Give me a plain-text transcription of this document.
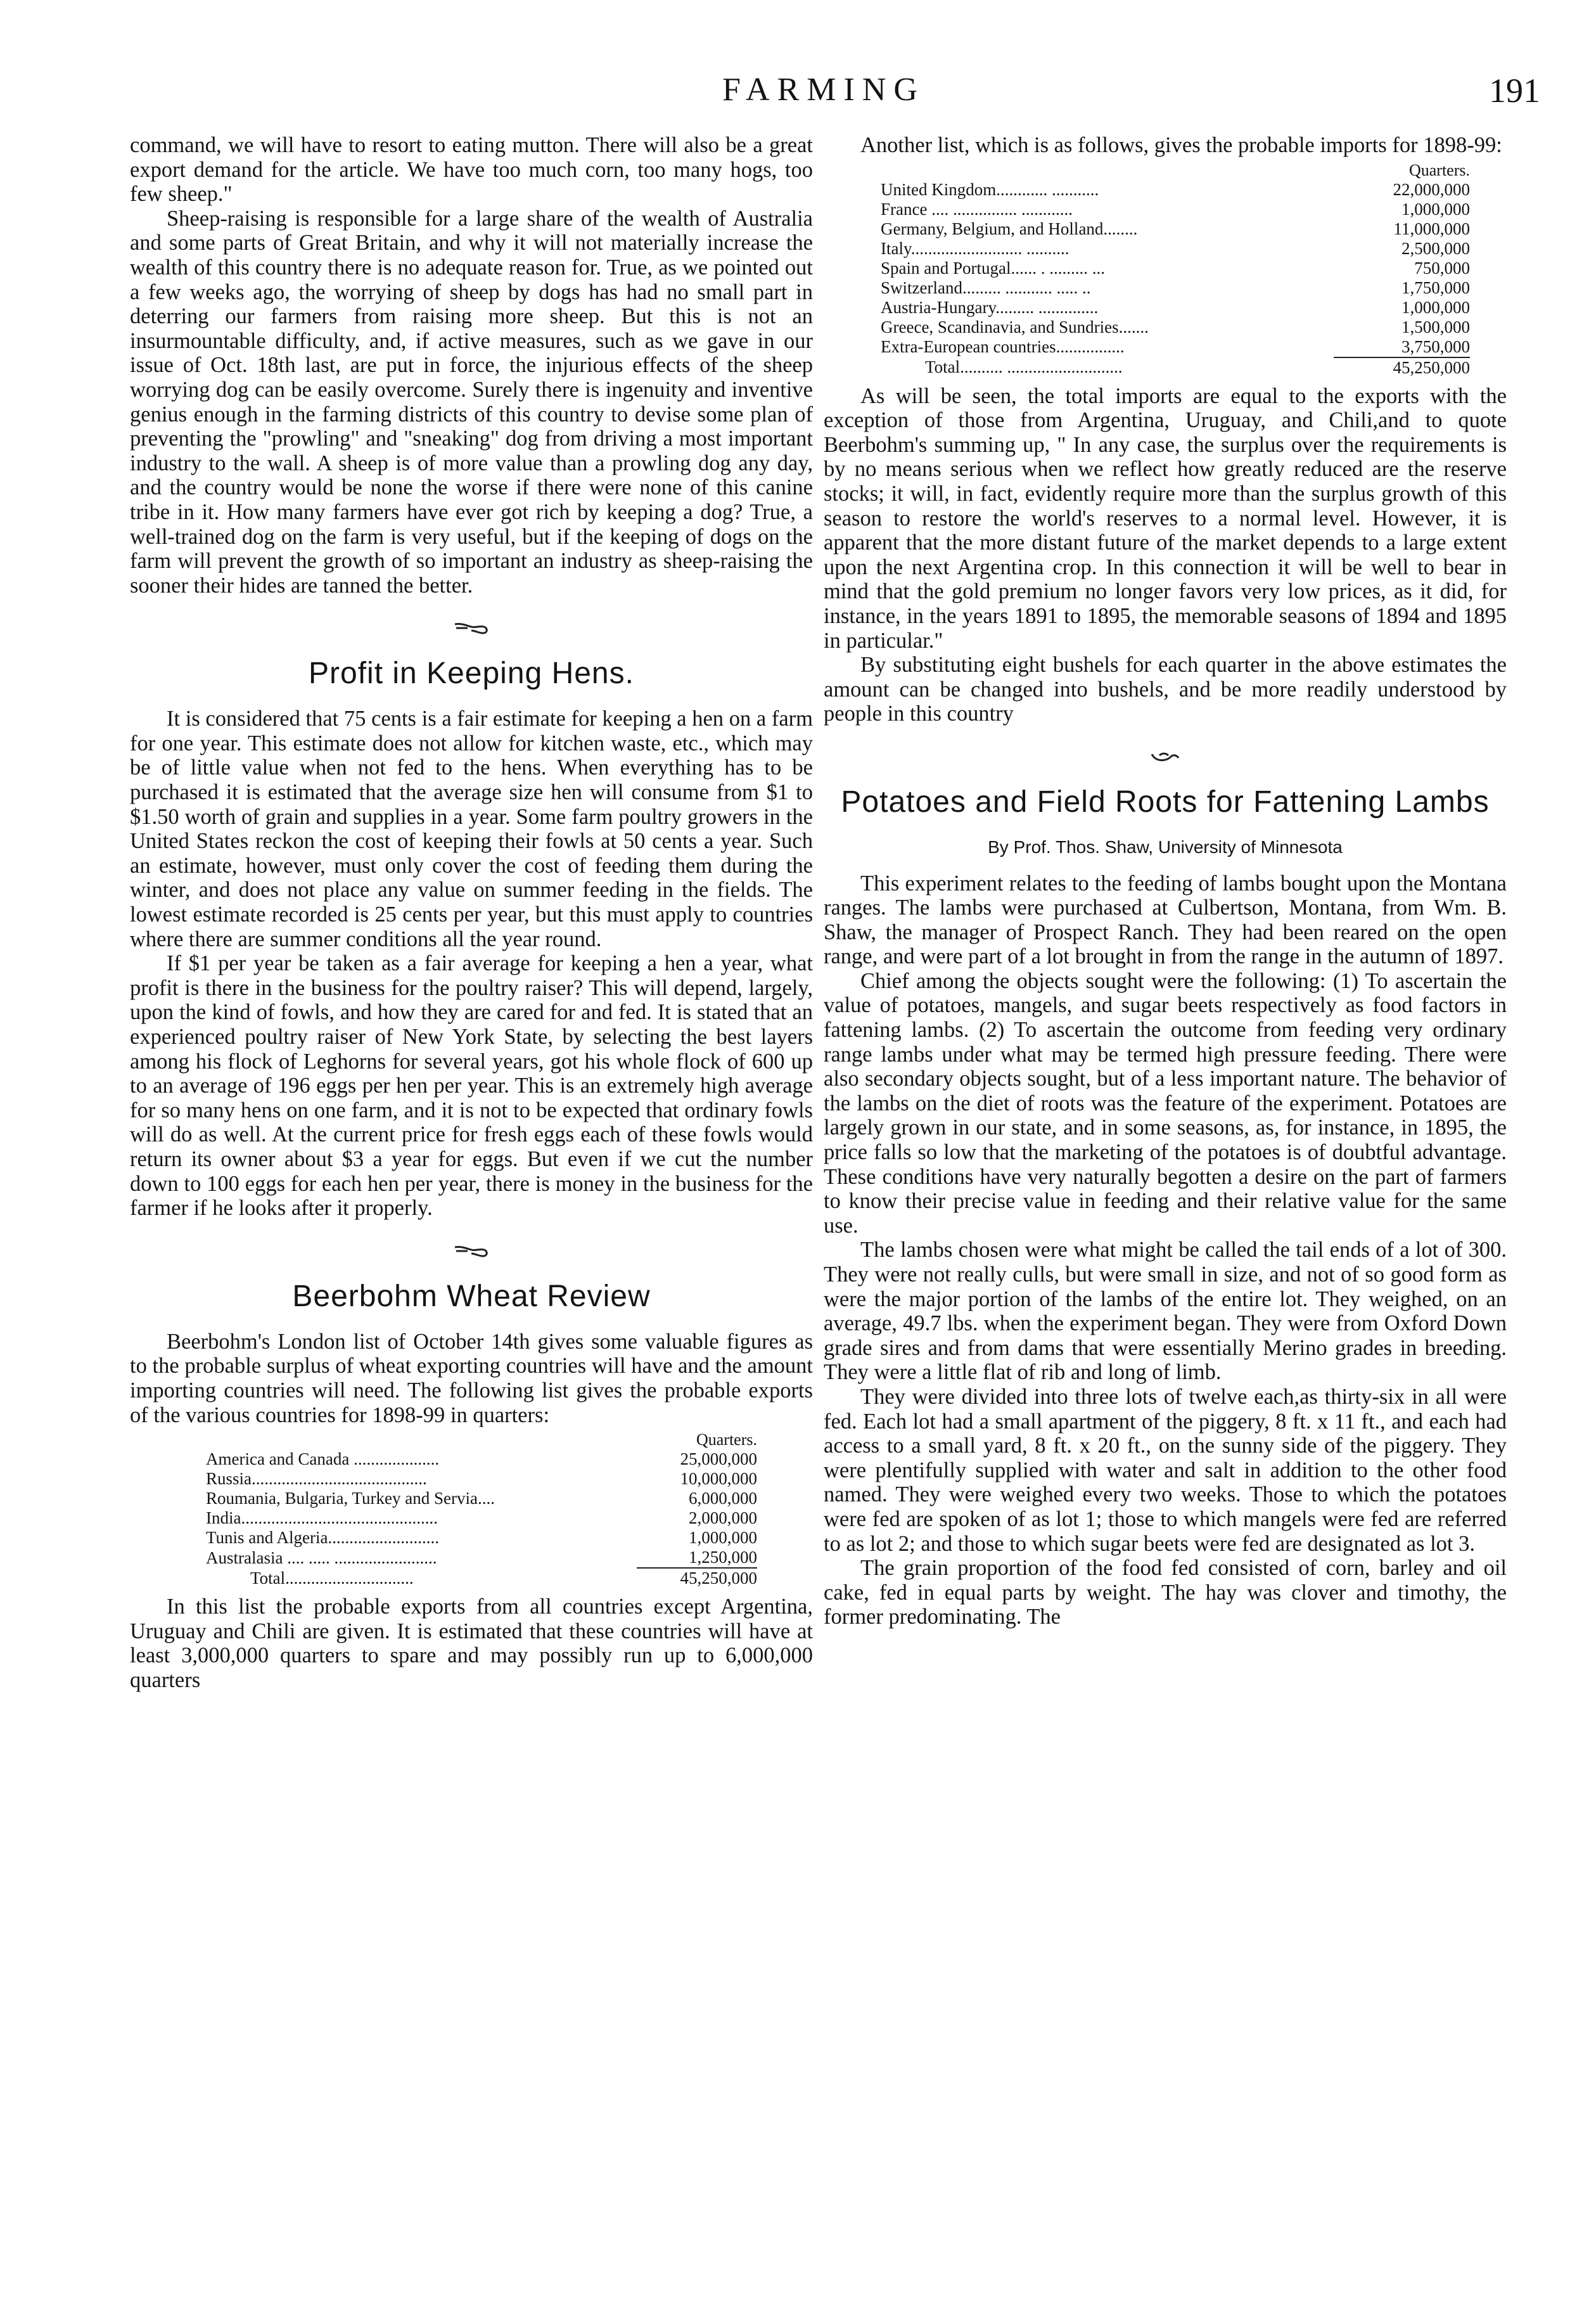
FARMING	191

command, we will have to resort to eating mutton. There will also be a great export demand for the article. We have too much corn, too many hogs, too few sheep."

Sheep-raising is responsible for a large share of the wealth of Australia and some parts of Great Britain, and why it will not materially increase the wealth of this country there is no adequate reason for. True, as we pointed out a few weeks ago, the worrying of sheep by dogs has had no small part in deterring our farmers from raising more sheep. But this is not an insurmountable difficulty, and, if active measures, such as we gave in our issue of Oct. 18th last, are put in force, the injurious effects of the sheep worrying dog can be easily overcome. Surely there is ingenuity and inventive genius enough in the farming districts of this country to devise some plan of preventing the "prowling" and "sneaking" dog from driving a most important industry to the wall. A sheep is of more value than a prowling dog any day, and the country would be none the worse if there were none of this canine tribe in it. How many farmers have ever got rich by keeping a dog? True, a well-trained dog on the farm is very useful, but if the keeping of dogs on the farm will prevent the growth of so important an industry as sheep-raising the sooner their hides are tanned the better.

Profit in Keeping Hens.

It is considered that 75 cents is a fair estimate for keeping a hen on a farm for one year. This estimate does not allow for kitchen waste, etc., which may be of little value when not fed to the hens. When everything has to be purchased it is estimated that the average size hen will consume from $1 to $1.50 worth of grain and supplies in a year. Some farm poultry growers in the United States reckon the cost of keeping their fowls at 50 cents a year. Such an estimate, however, must only cover the cost of feeding them during the winter, and does not place any value on summer feeding in the fields. The lowest estimate recorded is 25 cents per year, but this must apply to countries where there are summer conditions all the year round.

If $1 per year be taken as a fair average for keeping a hen a year, what profit is there in the business for the poultry raiser? This will depend, largely, upon the kind of fowls, and how they are cared for and fed. It is stated that an experienced poultry raiser of New York State, by selecting the best layers among his flock of Leghorns for several years, got his whole flock of 600 up to an average of 196 eggs per hen per year. This is an extremely high average for so many hens on one farm, and it is not to be expected that ordinary fowls will do as well. At the current price for fresh eggs each of these fowls would return its owner about $3 a year for eggs. But even if we cut the number down to 100 eggs for each hen per year, there is money in the business for the farmer if he looks after it properly.

Beerbohm Wheat Review

Beerbohm's London list of October 14th gives some valuable figures as to the probable surplus of wheat exporting countries will have and the amount importing countries will need. The following list gives the probable exports of the various countries for 1898-99 in quarters:

	Quarters.
America and Canada ....................	25,000,000
Russia.........................................	10,000,000
Roumania, Bulgaria, Turkey and Servia....	6,000,000
India..............................................	2,000,000
Tunis and Algeria..........................	1,000,000
Australasia .... ..... ........................	1,250,000
Total..............................	45,250,000

In this list the probable exports from all countries except Argentina, Uruguay and Chili are given. It is estimated that these countries will have at least 3,000,000 quarters to spare and may possibly run up to 6,000,000 quarters

Another list, which is as follows, gives the probable imports for 1898-99:

	Quarters.
United Kingdom............ ...........	22,000,000
France .... ............... ............	1,000,000
Germany, Belgium, and Holland........	11,000,000
Italy.......................... ..........	2,500,000
Spain and Portugal...... . ......... ...	750,000
Switzerland......... ........... ..... ..	1,750,000
Austria-Hungary......... ..............	1,000,000
Greece, Scandinavia, and Sundries.......	1,500,000
Extra-European countries................	3,750,000
Total.......... ...........................	45,250,000

As will be seen, the total imports are equal to the exports with the exception of those from Argentina, Uruguay, and Chili,and to quote Beerbohm's summing up, " In any case, the surplus over the requirements is by no means serious when we reflect how greatly reduced are the reserve stocks; it will, in fact, evidently require more than the surplus growth of this season to restore the world's reserves to a normal level. However, it is apparent that the more distant future of the market depends to a large extent upon the next Argentina crop. In this connection it will be well to bear in mind that the gold premium no longer favors very low prices, as it did, for instance, in the years 1891 to 1895, the memorable seasons of 1894 and 1895 in particular."

By substituting eight bushels for each quarter in the above estimates the amount can be changed into bushels, and be more readily understood by people in this country

Potatoes and Field Roots for Fattening Lambs
By Prof. Thos. Shaw, University of Minnesota

This experiment relates to the feeding of lambs bought upon the Montana ranges. The lambs were purchased at Culbertson, Montana, from Wm. B. Shaw, the manager of Prospect Ranch. They had been reared on the open range, and were part of a lot brought in from the range in the autumn of 1897.

Chief among the objects sought were the following: (1) To ascertain the value of potatoes, mangels, and sugar beets respectively as food factors in fattening lambs. (2) To ascertain the outcome from feeding very ordinary range lambs under what may be termed high pressure feeding. There were also secondary objects sought, but of a less important nature. The behavior of the lambs on the diet of roots was the feature of the experiment. Potatoes are largely grown in our state, and in some seasons, as, for instance, in 1895, the price falls so low that the marketing of the potatoes is of doubtful advantage. These conditions have very naturally begotten a desire on the part of farmers to know their precise value in feeding and their relative value for the same use.

The lambs chosen were what might be called the tail ends of a lot of 300. They were not really culls, but were small in size, and not of so good form as were the major portion of the lambs of the entire lot. They weighed, on an average, 49.7 lbs. when the experiment began. They were from Oxford Down grade sires and from dams that were essentially Merino grades in breeding. They were a little flat of rib and long of limb.

They were divided into three lots of twelve each,as thirty-six in all were fed. Each lot had a small apartment of the piggery, 8 ft. x 11 ft., and each had access to a small yard, 8 ft. x 20 ft., on the sunny side of the piggery. They were plentifully supplied with water and salt in addition to the other food named. They were weighed every two weeks. Those to which the potatoes were fed are spoken of as lot 1; those to which mangels were fed are referred to as lot 2; and those to which sugar beets were fed are designated as lot 3.

The grain proportion of the food fed consisted of corn, barley and oil cake, fed in equal parts by weight. The hay was clover and timothy, the former predominating. The
